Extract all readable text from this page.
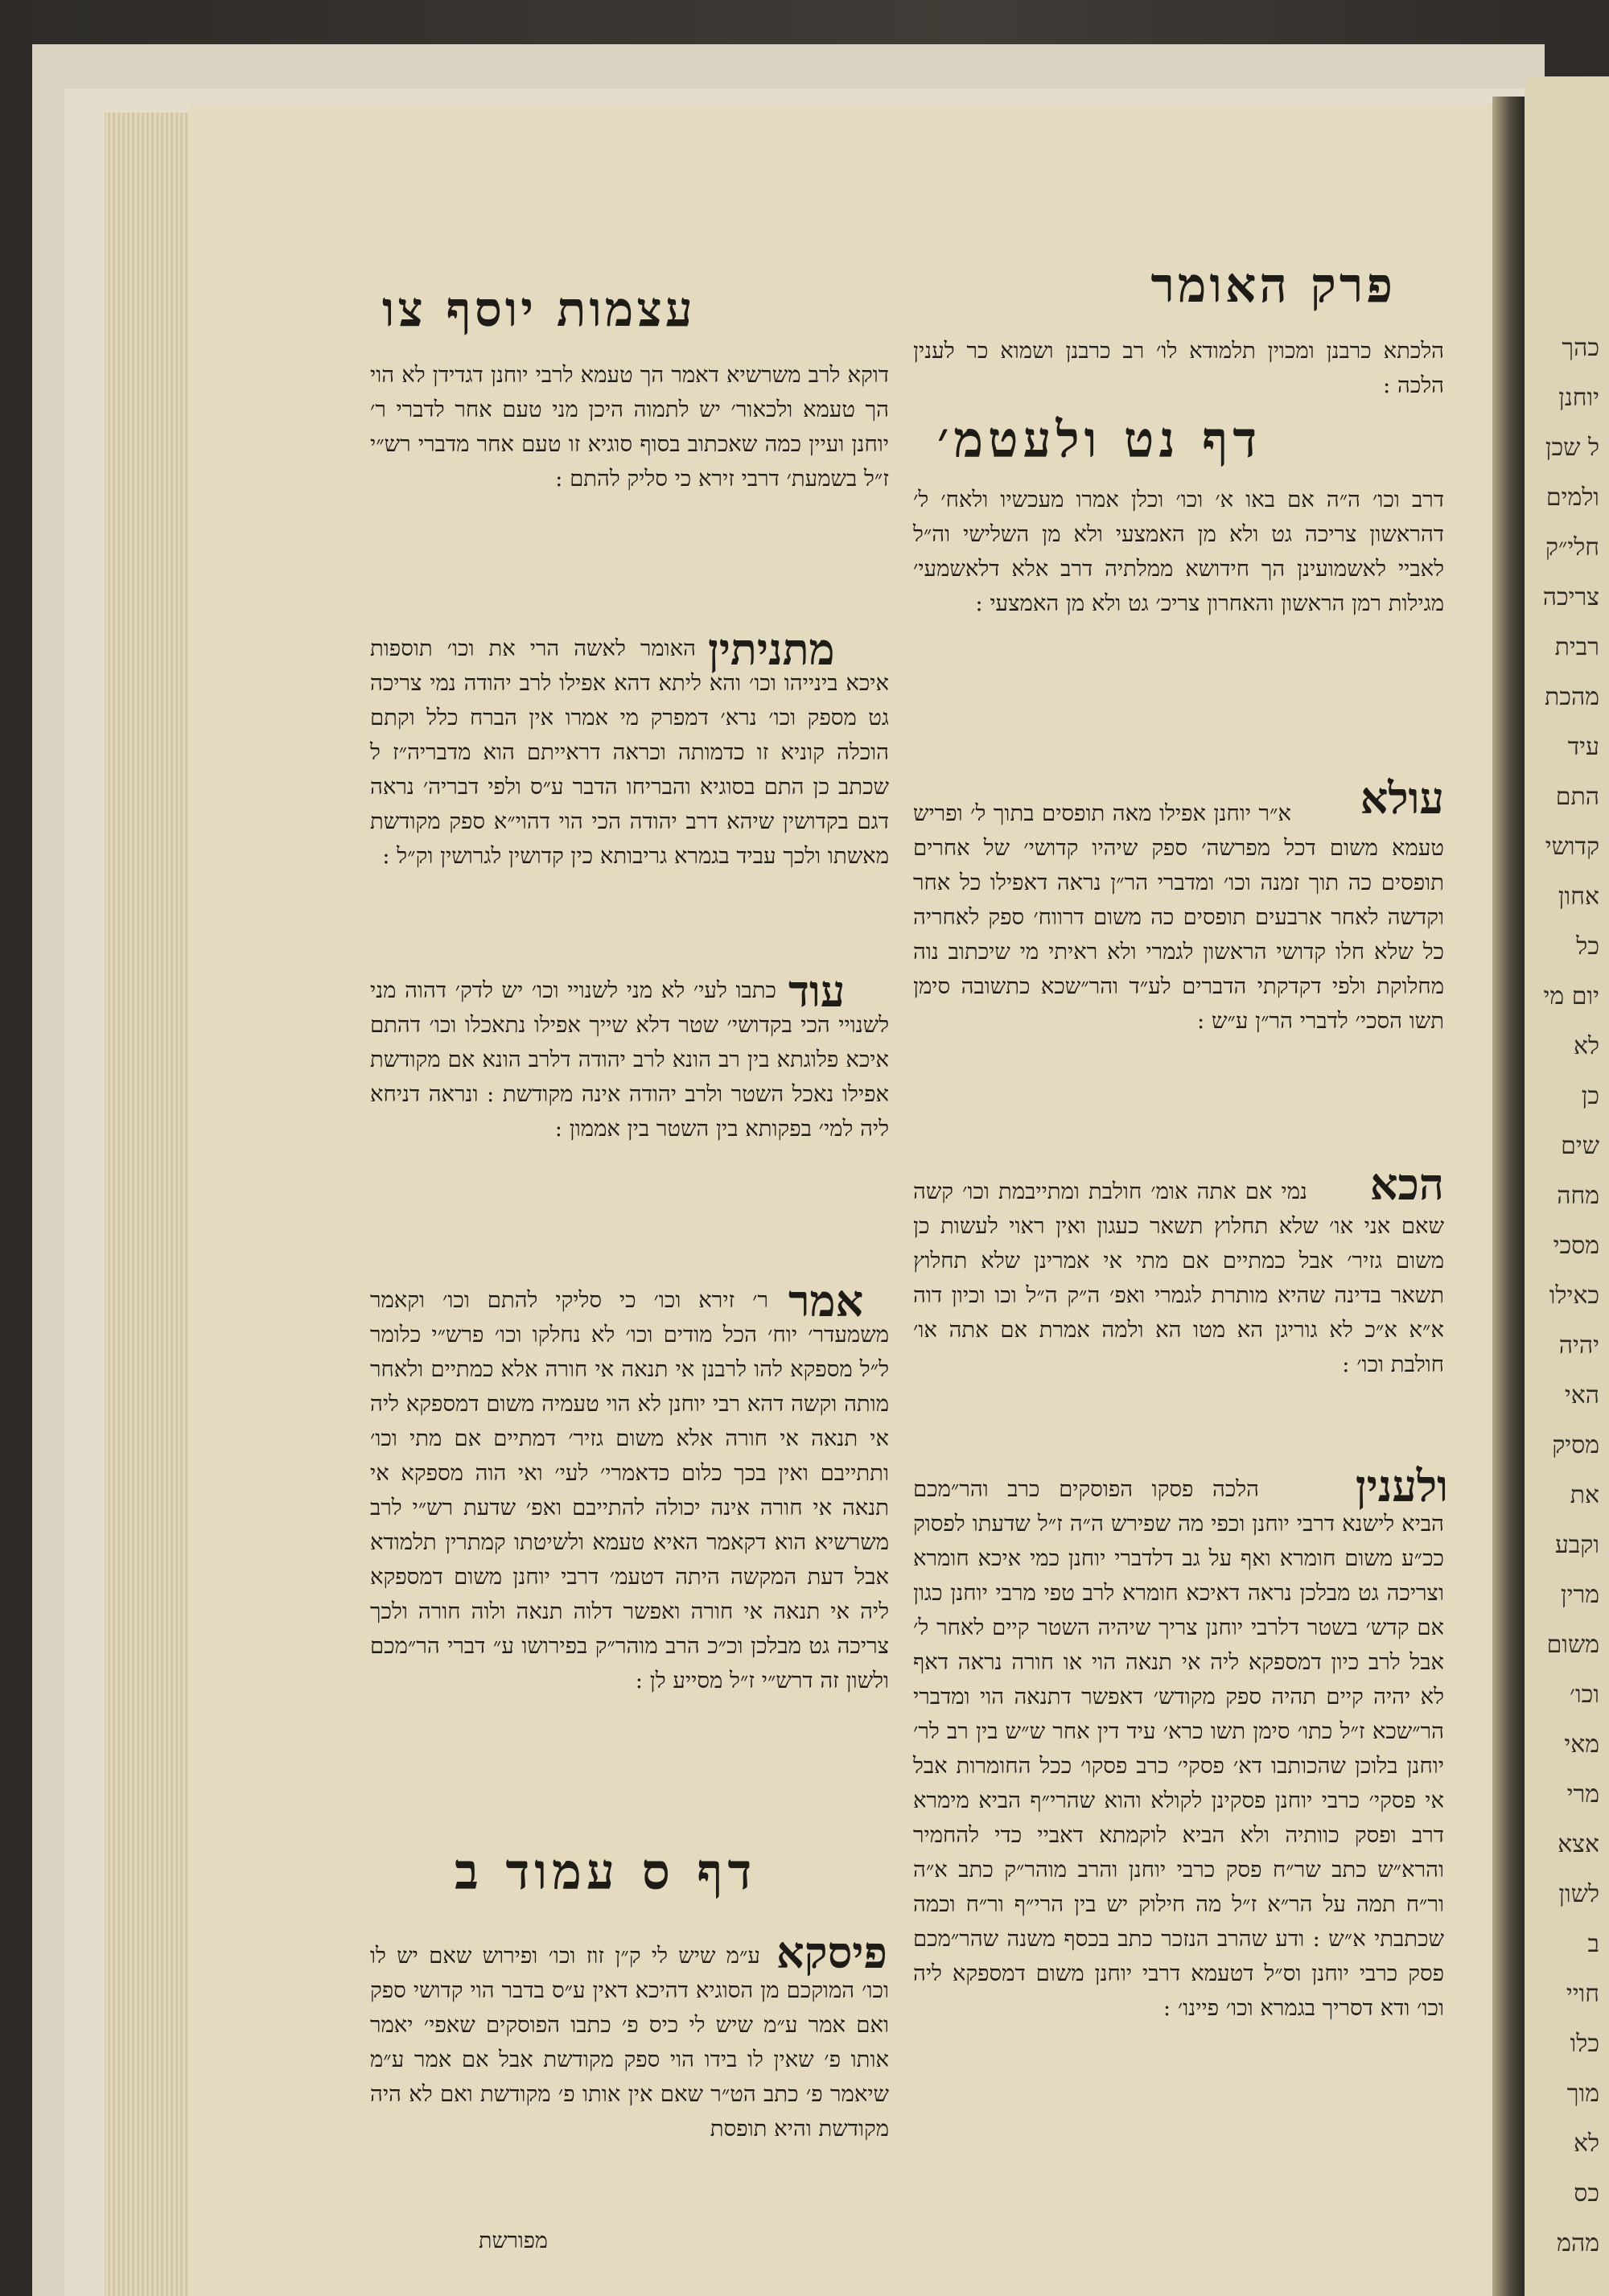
פרק האומר
עצמות יוסף צו
הלכתא כרבנן ומכוין תלמודא לו׳ רב כרבנן ושמוא כר לענין הלכה :
דף נט ולעטמ׳

דרב וכו׳ ה״ה אם באו א׳ וכו׳ וכלן אמרו מעכשיו ולאח׳ ל׳ דהראשון צריכה גט ולא מן האמצעי ולא מן השלישי וה״ל לאביי לאשמועינן הך חידושא ממלתיה דרב אלא דלאשמעי׳ מגילות רמן הראשון והאחרון צריכ׳ גט ולא מן האמצעי :

עולא

א״ר יוחנן אפילו מאה תופסים בתוך ל׳ ופריש טעמא משום דכל מפרשה׳ ספק שיהיו קדושי׳ של אחרים תופסים כה תוך זמנה וכו׳ ומדברי הר״ן נראה דאפילו כל אחר וקדשה לאחר ארבעים תופסים כה משום דרווח׳ ספק לאחריה כל שלא חלו קדושי הראשון לגמרי ולא ראיתי מי שיכתוב נוה מחלוקת ולפי דקדקתי הדברים לע״ד והר״שכא כתשובה סימן תשו הסכי׳ לדברי הר״ן ע״ש :

הכא

נמי אם אתה אומ׳ חולבת ומתייבמת וכו׳ קשה שאם אני או׳ שלא תחלוץ תשאר כעגון ואין ראוי לעשות כן משום גזיר׳ אבל כמתיים אם מתי אי אמרינן שלא תחלוץ תשאר בדינה שהיא מותרת לגמרי ואפ׳ ה״ק ה״ל וכו וכיון דוה א״א א״כ לא גוריגן הא מטו הא ולמה אמרת אם אתה או׳ חולבת וכו׳ :

ולענין

הלכה פסקו הפוסקים כרב והר״מכם הביא לישנא דרבי יוחנן וכפי מה שפירש ה״ה ז״ל שדעתו לפסוק ככ״ע משום חומרא ואף על גב דלדברי יוחנן כמי איכא חומרא וצריכה גט מבלכן נראה דאיכא חומרא לרב טפי מרבי יוחנן כגון אם קדש׳ בשטר דלרבי יוחנן צריך שיהיה השטר קיים לאחר ל׳ אבל לרב כיון דמספקא ליה אי תנאה הוי או חורה נראה דאף לא יהיה קיים תהיה ספק מקודש׳ דאפשר דתנאה הוי ומדברי הר״שכא ז״ל כתו׳ סימן תשו כרא׳ עיד דין אחר ש״ש בין רב לר׳ יוחנן בלוכן שהכותבו דא׳ פסקי׳ כרב פסקו׳ ככל החומרות אבל אי פסקי׳ כרבי יוחנן פסקינן לקולא והוא שהרי״ף הביא מימרא דרב ופסק כוותיה ולא הביא לוקמתא דאביי כדי להחמיר והרא״ש כתב שר״ח פסק כרבי יוחנן והרב מוהר״ק כתב א״ה ור״ח תמה על הר״א ז״ל מה חילוק יש בין הרי״ף ור״ח וכמה שכתבתי א״ש : ודע שהרב הנזכר כתב בכסף משנה שהר״מכם פסק כרבי יוחנן וס״ל דטעמא דרבי יוחנן משום דמספקא ליה וכו׳ ודא דסריך בגמרא וכו׳ פיינו׳ :

דוקא לרב משרשיא דאמר הך טעמא לרבי יוחנן דגדידן לא הוי הך טעמא ולכאור׳ יש לתמוה היכן מני טעם אחר לדברי ר׳ יוחנן ועיין כמה שאכתוב בסוף סוגיא זו טעם אחר מדברי רש״י ז״ל בשמעת׳ דרבי זירא כי סליק להתם :
מתניתין

האומר לאשה הרי את וכו׳ תוספות איכא בינייהו וכו׳ והא ליתא דהא אפילו לרב יהודה נמי צריכה גט מספק וכו׳ נרא׳ דמפרק מי אמרו אין הברח כלל וקתם הוכלה קוניא זו כדמותה וכראה דראייתם הוא מדבריה״ז ל שכתב כן התם בסוגיא והבריחו הדבר ע״ס ולפי דבריה׳ נראה דגם בקדושין שיהא דרב יהודה הכי הוי דהוי״א ספק מקודשת מאשתו ולכך עביד בגמרא גריבותא כין קדושין לגרושין וק״ל :

עוד

כתבו לעי׳ לא מני לשנויי וכו׳ יש לדק׳ דהוה מני לשנויי הכי בקדושי׳ שטר דלא שייך אפילו נתאכלו וכו׳ דהתם איכא פלוגתא בין רב הונא לרב יהודה דלרב הונא אם מקודשת אפילו נאכל השטר ולרב יהודה אינה מקודשת : ונראה דניחא ליה למי׳ בפקותא בין השטר בין אממון :

אמר

ר׳ זירא וכו׳ כי סליקי להתם וכו׳ וקאמר משמעדר׳ יוח׳ הכל מודים וכו׳ לא נחלקו וכו׳ פרש״י כלומר ל״ל מספקא להו לרבנן אי תנאה אי חורה אלא כמתיים ולאחר מותה וקשה דהא רבי יוחנן לא הוי טעמיה משום דמספקא ליה אי תנאה אי חורה אלא משום גזיר׳ דמתיים אם מתי וכו׳ ותתייבם ואין בכך כלום כדאמרי׳ לעי׳ ואי הוה מספקא אי תנאה אי חורה אינה יכולה להתייבם ואפ׳ שדעת רש״י לרב משרשיא הוא דקאמר האיא טעמא ולשיטתו קמתרין תלמודא אבל דעת המקשה היתה דטעמ׳ דרבי יוחנן משום דמספקא ליה אי תנאה אי חורה ואפשר דלוה תנאה ולוה חורה ולכך צריכה גט מבלכן וכ״כ הרב מוהר״ק בפירושו ע״ דברי הר״מכם ולשון זה דרש״י ז״ל מסייע לן :

דף ס עמוד ב
פיסקא

ע״מ שיש לי ק״ן זוז וכו׳ ופירוש שאם יש לו וכו׳ המוקכם מן הסוגיא דהיכא דאין ע״ס בדבר הוי קדושי ספק ואם אמר ע״מ שיש לי כיס פ׳ כתבו הפוסקים שאפי׳ יאמר אותו פ׳ שאין לו בידו הוי ספק מקודשת אבל אם אמר ע״מ שיאמר פ׳ כתב הט״ר שאם אין אותו פ׳ מקודשת ואם לא היה מקודשת והיא תופסת

מפורשת
כהך
יוחנן
ל שכן
ולמים
חלי״ק
צריכה
רבית
מהכת
עיד
התם
קדושי
אחון
כל
יום מי
לא
כן
שים
מחה
מסכי
כאילו
יהיה
האי
מסיק
את
וקבע
מרין
משום
וכו׳
מאי
מרי
אצא
לשון
ב
חויי
כלו
מוך
לא
כס
מהמ
